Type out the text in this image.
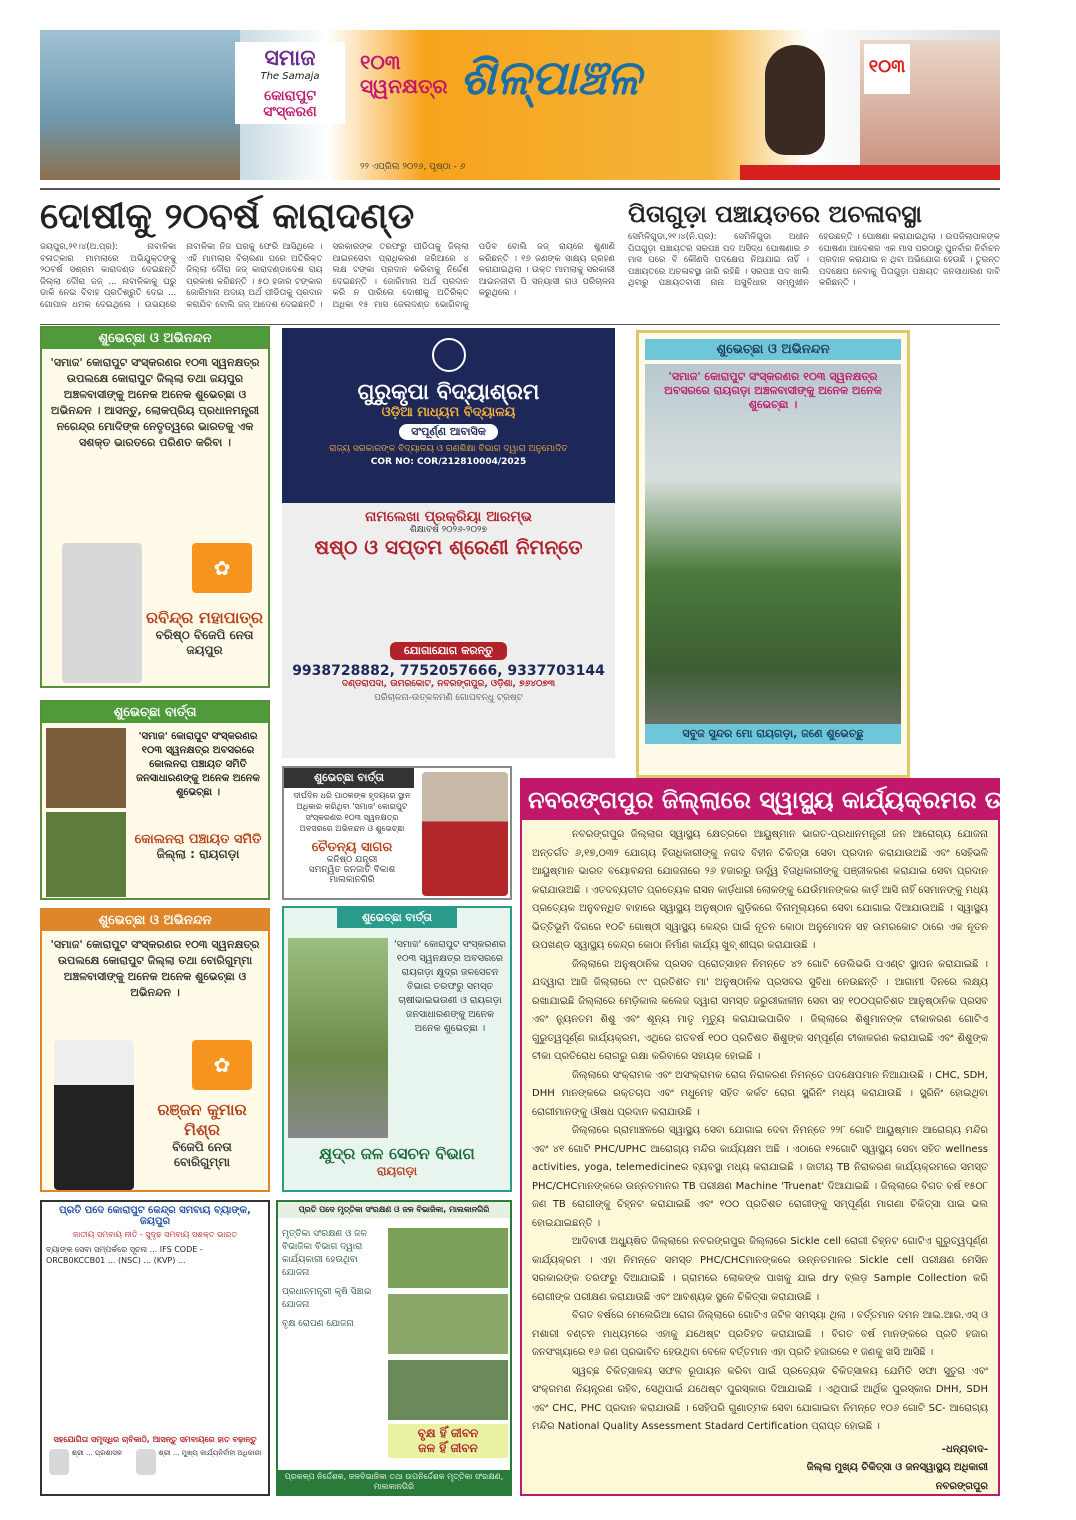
ସମାଜ
The Samaja
କୋରାପୁଟ ସଂସ୍କରଣ
୧୦୩ ସ୍ୱନକ୍ଷତ୍ର ଶିଳ୍ପାଞ୍ଚଳ	୧୦୩
୨୨ ଏପ୍ରିଲ ୨୦୨୬, ପୃଷ୍ଠା - ୬
ଦୋଷୀକୁ ୨୦ବର୍ଷ କାରାଦଣ୍ଡ
ଜୟପୁର,୨୧।୪(ଅ.ପ୍ର): ନାବାଳିକା ବଳାତ୍କାର ମାମଲାରେ ଅଭିଯୁକ୍ତଙ୍କୁ ୨୦ବର୍ଷ ସଶ୍ରମ କାରାଦଣ୍ଡ ଦେଇଛନ୍ତି ଜିଲ୍ଲା ଦୌରା ଜଜ୍ ... ନାବାଳିକାକୁ ଘରୁ ଡାକି ନେଇ ବିବାହ ପ୍ରତିଶ୍ରୁତି ଦେଇ ... ଗୋପାଳ ଧମକ ଦେଇଥିଲେ । ଉଭୟରେ ନାବାଳିକା ନିଜ ଘରକୁ ଫେରି ଆସିଥିଲେ । ଏହି ମାମଲାର ବିଚାରଣା ପରେ ଅତିରିକ୍ତ ଜିଲ୍ଲା ଦୌରା ଜଜ୍ କାରାଦଣ୍ଡାଦେଶ ରାୟ ପ୍ରକାଶ କରିଛନ୍ତି । ୫୦ ହଜାର ଟଙ୍କାର ଜୋରିମାନା ଅଦାୟ ଅର୍ଥ ପୀଡିତାକୁ ପ୍ରଦାନ କରାଯିବ ବୋଲି ଜଜ୍ ଆଦେଶ ଦେଇଛନ୍ତି । ସରକାରଙ୍କ ତରଫରୁ ପୀଡିତାକୁ ଜିଲ୍ଲା ଆଇନସେବା ପ୍ରାଧିକରଣ ଜରିଆରେ ୪ ଲକ୍ଷ ଟଙ୍କା ପ୍ରଦାନ କରିବାକୁ ନିର୍ଦ୍ଦେଶ ଦେଇଛନ୍ତି । ଜୋରିମାନା ଅର୍ଥ ପ୍ରଦାନ କରି ନ ପାରିଲେ ଦୋଷୀକୁ ଅତିରିକ୍ତ ଅଧିକା ୧୫ ମାସ ଜେଲଦଣ୍ଡ ଭୋଗିବାକୁ ପଡିବ ବୋଲି ଜଜ୍ ରାୟରେ ଶୁଣାଣି କରିଛନ୍ତି । ୧୭ ଜଣଙ୍କ ସାକ୍ଷ୍ୟ ଗ୍ରହଣ କରାଯାଇଥିଲା । ଉକ୍ତ ମାମଲାକୁ ସରକାରୀ ଆଇନଜୀବୀ ପି ସନ୍ୟାସୀ ରାଓ ପରିଚାଳନା କରୁଥିଲେ ।
ପିତାଗୁଡ଼ା ପଞ୍ଚାୟତରେ ଅଚଳାବସ୍ଥା
ସେମିଳିଗୁଡା,୨୧।୪(ନି.ପ୍ର): ସେମିଳିଗୁଡା ଅଧୀନ ପିତାଗୁଡ଼ା ପଞ୍ଚାୟତର ସରପଞ୍ଚ ପଦ ଅସିଦ୍ଧ ଘୋଷଣାର ୬ ମାସ ପରେ ବି କୌଣସି ପଦକ୍ଷେପ ନିଆଯାଇ ନାହିଁ । ପଞ୍ଚାୟତରେ ଅଚଳାବସ୍ଥା ଜାରି ରହିଛି । ସରପଞ୍ଚ ପଦ ଖାଲି ଥିବାରୁ ପଞ୍ଚାୟତବାସୀ ନାନା ଅସୁବିଧାର ସମ୍ମୁଖୀନ ହେଉଛନ୍ତି । ଘୋଷଣା କରାଯାଇଥିଲା । ଉପଜିଲାପାଳଙ୍କ ଘୋଷଣା ଆଦେଶର ଏକ ମାସ ପରଠାରୁ ପୁନର୍ବାର ନିର୍ବାଚନ ପ୍ରଦାନ କରାଯାଇ ନ ଥିବା ଅଭିଯୋଗ ହେଉଛି । ତୁରନ୍ତ ପଦକ୍ଷେପ ନେବାକୁ ପିତାଗୁଡ଼ା ପଞ୍ଚାୟତ ଜନସାଧାରଣ ଦାବି କରିଛନ୍ତି ।
ଶୁଭେଚ୍ଛା ଓ ଅଭିନନ୍ଦନ
'ସମାଜ' କୋରାପୁଟ ସଂସ୍କରଣର ୧୦୩ ସ୍ୱନକ୍ଷତ୍ର ଉପଲକ୍ଷେ କୋରାପୁଟ ଜିଲ୍ଲା ତଥା ଜୟପୁର ଅଞ୍ଚଳବାସୀଙ୍କୁ ଅନେକ ଅନେକ ଶୁଭେଚ୍ଛା ଓ ଅଭିନନ୍ଦନ । ଆସନ୍ତୁ, ଲୋକପ୍ରିୟ ପ୍ରଧାନମନ୍ତ୍ରୀ ନରେନ୍ଦ୍ର ମୋଦିଙ୍କ ନେତୃତ୍ୱରେ ଭାରତକୁ ଏକ ସଶକ୍ତ ଭାରତରେ ପରିଣତ କରିବା ।
✿
ରବିନ୍ଦ୍ର ମହାପାତ୍ର
ବରିଷ୍ଠ ବିଜେପି ନେତା
ଜୟପୁର
ଗୁରୁକୃପା ବିଦ୍ୟାଶ୍ରମ
ଓଡ଼ିଆ ମାଧ୍ୟମ ବିଦ୍ୟାଳୟ
ସଂପୂର୍ଣ୍ଣ ଆବାସିକ
ରାଜ୍ୟ ସରକାରଙ୍କ ବିଦ୍ୟାଳୟ ଓ ଗଣଶିକ୍ଷା ବିଭାଗ ଦ୍ୱାରା ଅନୁମୋଦିତ
COR NO: COR/212810004/2025
ନାମଲେଖା ପ୍ରକ୍ରିୟା ଆରମ୍ଭ
ଶିକ୍ଷାବର୍ଷ ୨୦୨୬-୨୦୨୭
ଷଷ୍ଠ ଓ ସପ୍ତମ ଶ୍ରେଣୀ ନିମନ୍ତେ
ଯୋଗାଯୋଗ କରନ୍ତୁ
9938728882, 7752057666, 9337703144
ଦଣ୍ଡରାପଦା, ଉମରକୋଟ, ନବରଙ୍ଗପୁର, ଓଡ଼ିଶା, ୭୬୪୦୭୩
ପରିଚାଳନା-ଉତ୍କଳମଣି ଗୋପବନ୍ଧୁ ଟ୍ରଷ୍ଟ
ଶୁଭେଚ୍ଛା ଓ ଅଭିନନ୍ଦନ
'ସମାଜ' କୋରାପୁଟ ସଂସ୍କରଣର ୧୦୩ ସ୍ୱନକ୍ଷତ୍ର ଅବସରରେ ରାୟଗଡ଼ା ଅଞ୍ଚଳବାସୀଙ୍କୁ ଅନେକ ଅନେକ ଶୁଭେଚ୍ଛା ।
ସବୁଜ ସୁନ୍ଦର ମୋ ରାୟଗଡ଼ା, ଜଣେ ଶୁଭେଚ୍ଛୁ
ଶୁଭେଚ୍ଛା ବାର୍ତ୍ତା
'ସମାଜ' କୋରାପୁଟ ସଂସ୍କରଣର ୧୦୩ ସ୍ୱନକ୍ଷତ୍ର ଅବସରରେ କୋଲନରା ପଞ୍ଚାୟତ ସମିତି ଜନସାଧାରଣଙ୍କୁ ଅନେକ ଅନେକ ଶୁଭେଚ୍ଛା ।
କୋଲନରା ପଞ୍ଚାୟତ ସମିତି
ଜିଲ୍ଲା : ରାୟଗଡ଼ା
ଶୁଭେଚ୍ଛା ବାର୍ତ୍ତା
ଦୀର୍ଘଦିନ ଧରି ପାଠକଙ୍କ ହୃଦୟରେ ସ୍ଥାନ ଅଧିକାର କରିଥିବା 'ସମାଜ' କୋରାପୁଟ ସଂସ୍କରଣର ୧୦୩ ସ୍ୱନକ୍ଷତ୍ର ଅବସରରେ ଅଭିନନ୍ଦନ ଓ ଶୁଭେଚ୍ଛା
ଚୈତନ୍ୟ ସାଗର
କନିଷ୍ଠ ଯନ୍ତ୍ରୀ
ସମନ୍ୱିତ ଜନଜାତି ବିକାଶ ମାଲକାନଗିରି
ଶୁଭେଚ୍ଛା ଓ ଅଭିନନ୍ଦନ
'ସମାଜ' କୋରାପୁଟ ସଂସ୍କରଣର ୧୦୩ ସ୍ୱନକ୍ଷତ୍ର ଉପଲକ୍ଷେ କୋରାପୁଟ ଜିଲ୍ଲା ତଥା ବୋରିଗୁମ୍ମା ଅଞ୍ଚଳବାସୀଙ୍କୁ ଅନେକ ଅନେକ ଶୁଭେଚ୍ଛା ଓ ଅଭିନନ୍ଦନ ।
✿
ରଞ୍ଜନ କୁମାର ମିଶ୍ର
ବିଜେପି ନେତା
ବୋରିଗୁମ୍ମା
ଶୁଭେଚ୍ଛା ବାର୍ତ୍ତା
'ସମାଜ' କୋରାପୁଟ ସଂସ୍କରଣର ୧୦୩ ସ୍ୱନକ୍ଷତ୍ର ଅବସରରେ ରାୟଗଡ଼ା କ୍ଷୁଦ୍ର ଜଳସେଚନ ବିଭାଗ ତରଫରୁ ସମସ୍ତ ଚାଷୀଭାଇଭଉଣୀ ଓ ରାୟଗଡ଼ା ଜନସାଧାରଣଙ୍କୁ ଅନେକ ଅନେକ ଶୁଭେଚ୍ଛା ।
କ୍ଷୁଦ୍ର ଜଳ ସେଚନ ବିଭାଗ
ରାୟଗଡ଼ା
ନବରଙ୍ଗପୁର ଜିଲ୍ଲାରେ ସ୍ୱାସ୍ଥ୍ୟ କାର୍ଯ୍ୟକ୍ରମର ଉପଲବ୍ଧି

ନବରଙ୍ଗପୁର ଜିଲ୍ଲାର ସ୍ୱାସ୍ଥ୍ୟ କ୍ଷେତ୍ରରେ ଆୟୁଷ୍ମାନ ଭାରତ-ପ୍ରଧାନମନ୍ତ୍ରୀ ଜନ ଆରୋଗ୍ୟ ଯୋଜନା ଅନ୍ତର୍ଗତ ୬,୧୭,୦୩୨ ଯୋଗ୍ୟ ହିତାଧିକାରୀଙ୍କୁ ନଗଦ ବିହୀନ ଚିକିତ୍ସା ସେବା ପ୍ରଦାନ କରାଯାଉଅଛି ଏବଂ ସେହିଭଳି ଆୟୁଷ୍ମାନ ଭାରତ ବୟୋବନ୍ଦନା ଯୋଜନାରେ ୨୬ ହଜାରରୁ ଊର୍ଦ୍ଧ୍ୱ ହିତାଧିକାରୀଙ୍କୁ ପଞ୍ଜୀକରଣ କରାଯାଇ ସେବା ପ୍ରଦାନ କରାଯାଉଅଛି । ଏତଦବ୍ୟତୀତ ପ୍ରତ୍ୟେକ ରାସନ କାର୍ଡ଼ଧାରୀ ଲୋକଙ୍କୁ ଯେଉଁମାନଙ୍କର କାର୍ଡ଼ ଆସି ନାହିଁ ସେମାନଙ୍କୁ ମଧ୍ୟ ପ୍ରତ୍ୟେକ ଅନୁବନ୍ଧିତ ବାହାରେ ସ୍ୱାସ୍ଥ୍ୟ ଅନୁଷ୍ଠାନ ଗୁଡ଼ିକରେ ବିନାମୂଲ୍ୟରେ ସେବା ଯୋଗାଇ ଦିଆଯାଉଅଛି । ସ୍ୱାସ୍ଥ୍ୟ ଭିତ୍ତିଭୂମି ଦିଗରେ ୧୦ଟି ଗୋଷ୍ଠୀ ସ୍ୱାସ୍ଥ୍ୟ କେନ୍ଦ୍ର ପାଇଁ ନୂତନ କୋଠା ଅନୁମୋଦନ ସହ ଉମରକୋଟ ଠାରେ ଏକ ନୂତନ ଉପଖଣ୍ଡ ସ୍ୱାସ୍ଥ୍ୟ କେନ୍ଦ୍ର କୋଠା ନିର୍ମାଣ କାର୍ଯ୍ୟ ଖୁବ୍ ଶୀଘ୍ର କରାଯାଉଛି ।

ଜିଲ୍ଲାରେ ଅନୁଷ୍ଠାନିକ ପ୍ରସବ ପ୍ରୋତ୍ସାହନ ନିମନ୍ତେ ୪୨ ଗୋଟି ଡେଲିଭରି ପଏଣ୍ଟ ସ୍ଥାପନ କରାଯାଇଛି । ଯଦ୍ୱାରା ଆଜି ଜିଲ୍ଲାରେ ୯୯ ପ୍ରତିଶତ ମା' ଅନୁଷ୍ଠାନିକ ପ୍ରସବର ସୁବିଧା ନେଉଛନ୍ତି । ଆଗାମୀ ଦିନରେ ଲକ୍ଷ୍ୟ ରଖାଯାଇଛି ଜିଲ୍ଲାରେ ମେଡ଼ିକାଲ କଲେଜ ଦ୍ୱାରା ସମସ୍ତ ଜରୁରୀକାଳୀନ ସେବା ସହ ୧୦୦ପ୍ରତିଶତ ଆନୁଷ୍ଠାନିକ ପ୍ରସବ ଏବଂ ନ୍ୟୁନତମ ଶିଶୁ ଏବଂ ଶୂନ୍ୟ ମାତୃ ମୃତ୍ୟୁ କରାଯାଇପାରିବ । ଜିଲ୍ଲାରେ ଶିଶୁମାନଙ୍କ ଟୀକାକରଣ ଗୋଟିଏ ଗୁରୁତ୍ୱପୂର୍ଣ୍ଣ କାର୍ଯ୍ୟକ୍ରମ, ଏଥିରେ ଗତବର୍ଷ ୧୦୦ ପ୍ରତିଶତ ଶିଶୁଙ୍କ ସମ୍ପୂର୍ଣ୍ଣ ଟୀକାକରଣ କରାଯାଇଛି ଏବଂ ଶିଶୁଙ୍କ ଟୀକା ପ୍ରତିରୋଧ ରୋଗରୁ ରକ୍ଷା କରିବାରେ ସହାୟକ ହୋଇଛି ।

ଜିଲ୍ଲାରେ ସଂକ୍ରାମକ ଏବଂ ଅସଂକ୍ରାମକ ରୋଗ ନିରାକରଣ ନିମନ୍ତେ ପଦକ୍ଷେପମାନ ନିଆଯାଉଛି । CHC, SDH, DHH ମାନଙ୍କରେ ରକ୍ତଚାପ ଏବଂ ମଧୁମେହ ସହିତ କର୍କଟ ରୋଗ ସ୍କ୍ରିନିଂ ମଧ୍ୟ କରାଯାଉଛି । ସ୍କ୍ରିନିଂ ହୋଇଥିବା ରୋଗୀମାନଙ୍କୁ ଔଷଧ ପ୍ରଦାନ କରାଯାଉଛି ।

ଜିଲ୍ଲାରେ ଗ୍ରାମାଞ୍ଚଳରେ ସ୍ୱାସ୍ଥ୍ୟ ସେବା ଯୋଗାଇ ଦେବା ନିମନ୍ତେ ୨୨୮ ଗୋଟି ଆୟୁଷ୍ମାନ ଆରୋଗ୍ୟ ମନ୍ଦିର ଏବଂ ୪୧ ଗୋଟି PHC/UPHC ଆରୋଗ୍ୟ ମନ୍ଦିର କାର୍ଯ୍ୟକ୍ଷମ ଅଛି । ଏଠାରେ ୧୨ଗୋଟି ସ୍ୱାସ୍ଥ୍ୟ ସେବା ସହିତ wellness activities, yoga, telemedicineର ବ୍ୟବସ୍ଥା ମଧ୍ୟ କରାଯାଇଛି । ଜାତୀୟ TB ନିରାକରଣ କାର୍ଯ୍ୟକ୍ରମରେ ସମସ୍ତ PHC/CHCମାନଙ୍କରେ ଉନ୍ନତମାନର TB ପରୀକ୍ଷଣ Machine 'Truenat' ଦିଆଯାଇଛି । ଜିଲ୍ଲାରେ ବିଗତ ବର୍ଷ ୧୫୦୮ ଜଣ TB ରୋଗୀଙ୍କୁ ଚିହ୍ନଟ କରାଯାଇଛି ଏବଂ ୧୦୦ ପ୍ରତିଶତ ରୋଗୀଙ୍କୁ ସମ୍ପୂର୍ଣ୍ଣ ମାଗଣା ଚିକିତ୍ସା ପାଇ ଭଲ ହୋଇଯାଇଛନ୍ତି ।

ଆଦିବାସୀ ଅଧ୍ୟୁଷିତ ଜିଲ୍ଲାରେ ନବରଙ୍ଗପୁର ଜିଲ୍ଲାରେ Sickle cell ରୋଗୀ ଚିହ୍ନଟ ଗୋଟିଏ ଗୁରୁତ୍ୱପୂର୍ଣ୍ଣ କାର୍ଯ୍ୟକ୍ରମ । ଏହା ନିମନ୍ତେ ସମସ୍ତ PHC/CHCମାନଙ୍କରେ ଉନ୍ନତମାନର Sickle cell ପରୀକ୍ଷଣ ମେସିନ ସରକାରଙ୍କ ତରଫରୁ ଦିଆଯାଇଛି । ଗ୍ରାମରେ ଲୋକଙ୍କ ପାଖକୁ ଯାଇ dry ବ୍ଲଡ଼ Sample Collection କରି ରୋଗୀଙ୍କ ପରୀକ୍ଷଣ କରାଯାଉଛି ଏବଂ ଆବଶ୍ୟକ ସ୍ଥଳେ ଚିକିତ୍ସା କରାଯାଉଛି ।

ବିଗତ ବର୍ଷରେ ମେଲେରିଆ ରୋଗ ଜିଲ୍ଲାରେ ଗୋଟିଏ ଜଟିଳ ସମସ୍ୟା ଥିଲା । ବର୍ତ୍ତମାନ ଦମନ ଆଇ.ଆର.ଏସ୍ ଓ ମଶାରୀ ବଣ୍ଟନ ମାଧ୍ୟମରେ ଏହାକୁ ଯଥେଷ୍ଟ ପ୍ରତିହତ କରାଯାଇଛି । ବିଗତ ବର୍ଷ ମାନଙ୍କରେ ପ୍ରତି ହଜାର ଜନସଂଖ୍ୟାରେ ୧୬ ଜଣ ପ୍ରଭାବିତ ହେଉଥିବା ବେଳେ ବର୍ତ୍ତମାନ ଏହା ପ୍ରତି ହଜାରରେ ୧ ଜଣକୁ ଖସି ଆସିଛି ।

ସ୍ୱଚ୍ଛ ଚିକିତ୍ସାଳୟ ସଫଳ ରୂପାୟନ କରିବା ପାଇଁ ପ୍ରତ୍ୟେକ ଚିକିତ୍ସାଳୟ ଯେମିତି ସଫା ସୁତୁରା ଏବଂ ସଂକ୍ରମଣ ନିୟନ୍ତ୍ରଣ ରହିବ, ସେଥିପାଇଁ ଯଥେଷ୍ଟ ପୁରସ୍କାର ଦିଆଯାଇଛି । ଏଥିପାଇଁ ଆର୍ଥିକ ପୁରସ୍କାର DHH, SDH ଏବଂ CHC, PHC ପ୍ରଦାନ କରାଯାଉଛି । ସେହିପରି ଗୁଣାତ୍ମକ ସେବା ଯୋଗାଇବା ନିମନ୍ତେ ୧୦୬ ଗୋଟି SC- ଆରୋଗ୍ୟ ମନ୍ଦିର National Quality Assessment Stadard Certification ପ୍ରାପ୍ତ ହୋଇଛି ।

-ଧନ୍ୟବାଦ-
ଜିଲ୍ଲା ମୁଖ୍ୟ ଚିକିତ୍ସା ଓ ଜନସ୍ୱାସ୍ଥ୍ୟ ଅଧିକାରୀ
ନବରଙ୍ଗପୁର
ପ୍ରତି ପଦେ କୋରାପୁଟ କେନ୍ଦ୍ର ସମବାୟ ବ୍ୟାଙ୍କ, ଜୟପୁର
ଜାତୀୟ ସମବାୟ ନୀତି - ସୁଦୃଢ ସମବାୟ ସଶକ୍ତ ଭାରତ
ବ୍ୟାଙ୍କ ସେବା ସମ୍ପର୍କରେ ସୂଚନା ... IFS CODE - ORCB0KCCB01 ... (NSC) ... (KVP) ...
ସହଯୋଗିତା ସମୃଦ୍ଧିର ଚାବିକାଠି, ଆସନ୍ତୁ ସମବାୟରେ ହାତ ବଢ଼ାନ୍ତୁ
ଶ୍ରୀ ... ପ୍ରଶାସକ	ଶ୍ରୀ ... ମୁଖ୍ୟ କାର୍ଯ୍ୟନିର୍ବାହୀ ଅଧିକାରୀ
ପ୍ରତି ପଦେ ମୃତ୍ତିକା ସଂରକ୍ଷଣ ଓ ଜଳ ବିଭାଜିକା, ମାଲକାନଗିରି
ମୃତ୍ତିକା ସଂରକ୍ଷଣ ଓ ଜଳ ବିଭାଜିକା ବିଭାଗ ଦ୍ୱାରା କାର୍ଯ୍ୟକାରୀ ହେଉଥିବା ଯୋଜନା
ପ୍ରଧାନମନ୍ତ୍ରୀ କୃଷି ସିଞ୍ଚାଇ ଯୋଜନା
ବୃକ୍ଷ ରୋପଣ ଯୋଜନା
ବୃକ୍ଷ ହିଁ ଜୀବନ
ଜଳ ହିଁ ଜୀବନ
ପ୍ରକଳ୍ପ ନିର୍ଦ୍ଦେଶକ, ଜଳବିଭାଜିକା ତଥା ଉପନିର୍ଦ୍ଦେଶକ ମୃତ୍ତିକା ସଂରକ୍ଷଣ, ମାଲକାନଗିରି
